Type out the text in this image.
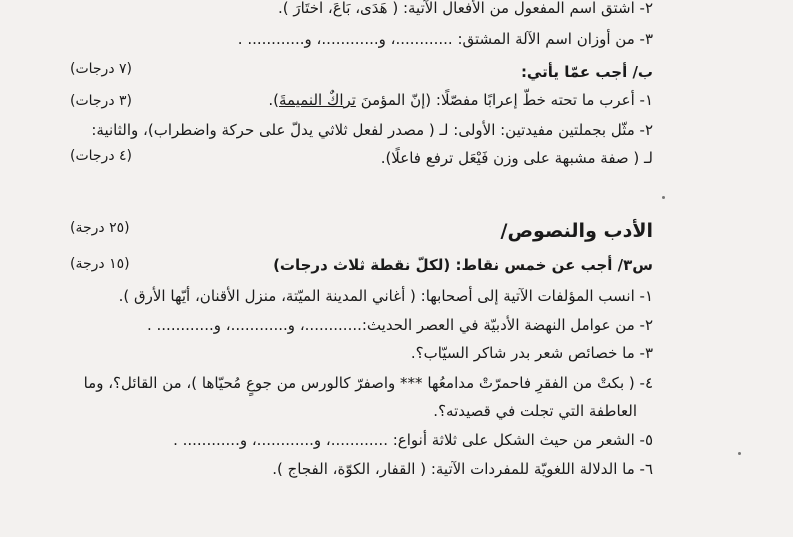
٢- اشتق اسم المفعول من الأفعال الآتية: ( هَدَى، بَاعَ، اختَارَ ).
٣- من أوزان اسم الآلة المشتق: ............، و............، و............ .
ب/ أجب عمّا يأتي:
(٧ درجات)
١- أعرب ما تحته خطّ إعرابًا مفصّلًا: (إنّ المؤمنَ تراكٌ النميمةَ).
(٣ درجات)
٢- مثّل بجملتين مفيدتين: الأولى: لـ ( مصدر لفعل ثلاثي يدلّ على حركة واضطراب)، والثانية:
لـ ( صفة مشبهة على وزن فَيْعَل ترفع فاعلًا).
(٤ درجات)
الأدب والنصوص/
(٢٥ درجة)
س٣/ أجب عن خمس نقاط: (لكلّ نقطة ثلاث درجات)
(١٥ درجة)
١- انسب المؤلفات الآتية إلى أصحابها: ( أغاني المدينة الميّتة، منزل الأقنان، أيّها الأرق ).
٢- من عوامل النهضة الأدبيّة في العصر الحديث:............، و............، و............ .
٣- ما خصائص شعر بدر شاكر السيّاب؟.
٤- ( بكتْ من الفقرِ فاحمرّتْ مدامعُها *** واصفرّ كالورس من جوعٍ مُحيّاها )، من القائل؟، وما
العاطفة التي تجلت في قصيدته؟.
٥- الشعر من حيث الشكل على ثلاثة أنواع: ............، و............، و............ .
٦- ما الدلالة اللغويّة للمفردات الآتية: ( القفار، الكوّة، الفجاج ).
